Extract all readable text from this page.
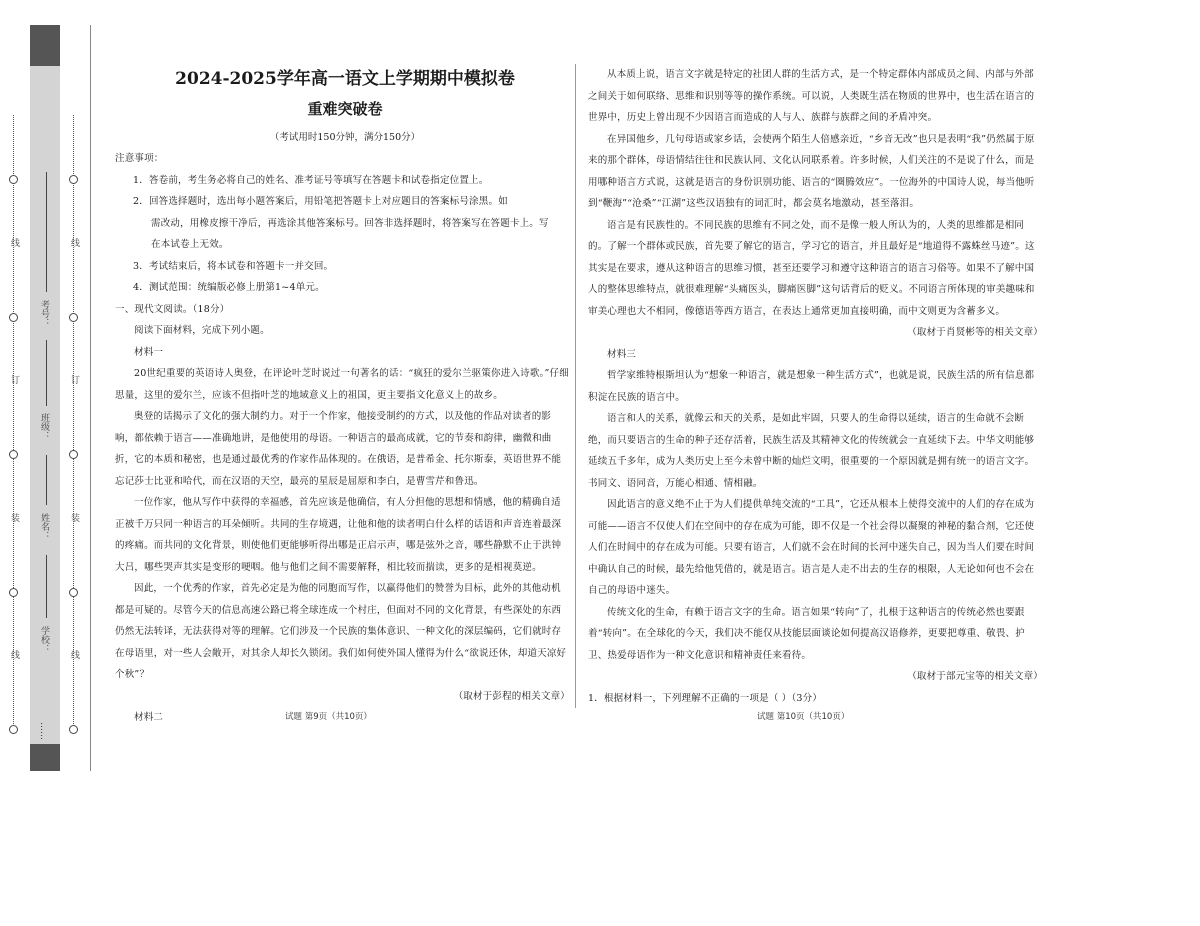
线
订
装
线
线
订
装
线
考号：
班级：
姓名：
学校：
……
2024-2025学年高一语文上学期期中模拟卷
重难突破卷
（考试用时150分钟，满分150分）

注意事项：

1．答卷前，考生务必将自己的姓名、准考证号等填写在答题卡和试卷指定位置上。

2．回答选择题时，选出每小题答案后，用铅笔把答题卡上对应题目的答案标号涂黑。如

需改动，用橡皮擦干净后，再选涂其他答案标号。回答非选择题时，将答案写在答题卡上。写

在本试卷上无效。

3．考试结束后，将本试卷和答题卡一并交回。

4．测试范围：统编版必修上册第1~4单元。

一、现代文阅读。（18分）

阅读下面材料，完成下列小题。

材料一

20世纪重要的英语诗人奥登，在评论叶芝时说过一句著名的话：“疯狂的爱尔兰驱策你进入诗歌。”仔细思量，这里的爱尔兰，应该不但指叶芝的地域意义上的祖国，更主要指文化意义上的故乡。

奥登的话揭示了文化的强大制约力。对于一个作家，他接受制约的方式，以及他的作品对读者的影响，都依赖于语言——准确地讲，是他使用的母语。一种语言的最高成就，它的节奏和韵律，幽微和曲折，它的本质和秘密，也是通过最优秀的作家作品体现的。在俄语，是普希金、托尔斯泰，英语世界不能忘记莎士比亚和哈代，而在汉语的天空，最亮的星辰是屈原和李白，是曹雪芹和鲁迅。

一位作家，他从写作中获得的幸福感，首先应该是他确信，有人分担他的思想和情感，他的精确自适正被千万只同一种语言的耳朵倾听。共同的生存境遇，让他和他的读者明白什么样的话语和声音连着最深的疼痛。而共同的文化背景，则使他们更能够听得出哪是正启示声，哪是弦外之音，哪些静默不止于洪钟大吕，哪些哭声其实是变形的哽咽。他与他们之间不需要解释，相比较而揣读，更多的是相视莫逆。

因此，一个优秀的作家，首先必定是为他的同胞而写作，以赢得他们的赞誉为目标，此外的其他动机都是可疑的。尽管今天的信息高速公路已将全球连成一个村庄，但面对不同的文化背景，有些深处的东西仍然无法转译，无法获得对等的理解。它们涉及一个民族的集体意识、一种文化的深层编码，它们就时存在母语里，对一些人会敞开，对其余人却长久锁闭。我们如何使外国人懂得为什么“欲说还休，却道天凉好个秋”？

（取材于彭程的相关文章）

材料二

从本质上说，语言文字就是特定的社团人群的生活方式，是一个特定群体内部成员之间、内部与外部之间关于如何联络、思维和识别等等的操作系统。可以说，人类既生活在物质的世界中，也生活在语言的世界中，历史上曾出现不少因语言而造成的人与人、族群与族群之间的矛盾冲突。

在异国他乡，几句母语或家乡话，会使两个陌生人倍感亲近，“乡音无改”也只是表明“我”仍然属于原来的那个群体，母语情结往往和民族认同、文化认同联系着。许多时候，人们关注的不是说了什么，而是用哪种语言方式说，这就是语言的身份识别功能、语言的“圈腾效应”。一位海外的中国诗人说，每当他听到“鞭海”“沧桑”“江湖”这些汉语独有的词汇时，都会莫名地激动，甚至落泪。

语言是有民族性的。不同民族的思维有不同之处，而不是像一般人所认为的，人类的思维都是相同的。了解一个群体或民族，首先要了解它的语言，学习它的语言，并且最好是“地道得不露蛛丝马迹”。这其实是在要求，遵从这种语言的思维习惯，甚至还要学习和遵守这种语言的语言习俗等。如果不了解中国人的整体思维特点，就很难理解“头痛医头，脚痛医脚”这句话背后的贬义。不同语言所体现的审美趣味和审美心理也大不相同，像德语等西方语言，在表达上通常更加直接明确，而中文则更为含蓄多义。

（取材于肖贤彬等的相关文章）

材料三

哲学家维特根斯坦认为“想象一种语言，就是想象一种生活方式”，也就是说，民族生活的所有信息都积淀在民族的语言中。

语言和人的关系，就像云和天的关系，是如此牢固，只要人的生命得以延续，语言的生命就不会断绝，而只要语言的生命的种子还存活着，民族生活及其精神文化的传统就会一直延续下去。中华文明能够延续五千多年，成为人类历史上至今未曾中断的灿烂文明，很重要的一个原因就是拥有统一的语言文字。书同文、语同音，万能心相通、情相融。

因此语言的意义绝不止于为人们提供单纯交流的“工具”，它还从根本上使得交流中的人们的存在成为可能——语言不仅使人们在空间中的存在成为可能，即不仅是一个社会得以凝聚的神秘的黏合剂，它还使人们在时间中的存在成为可能。只要有语言，人们就不会在时间的长河中迷失自己，因为当人们要在时间中确认自己的时候，最先给他凭借的，就是语言。语言是人走不出去的生存的根限，人无论如何也不会在自己的母语中迷失。

传统文化的生命，有赖于语言文字的生命。语言如果“转向”了，扎根于这种语言的传统必然也要跟着“转向”。在全球化的今天，我们决不能仅从技能层面谈论如何提高汉语修养，更要把尊重、敬畏、护卫、热爱母语作为一种文化意识和精神责任来看待。

（取材于部元宝等的相关文章）

1．根据材料一，下列理解不正确的一项是（ ）（3分）

试题 第9页（共10页）	试题 第10页（共10页）
